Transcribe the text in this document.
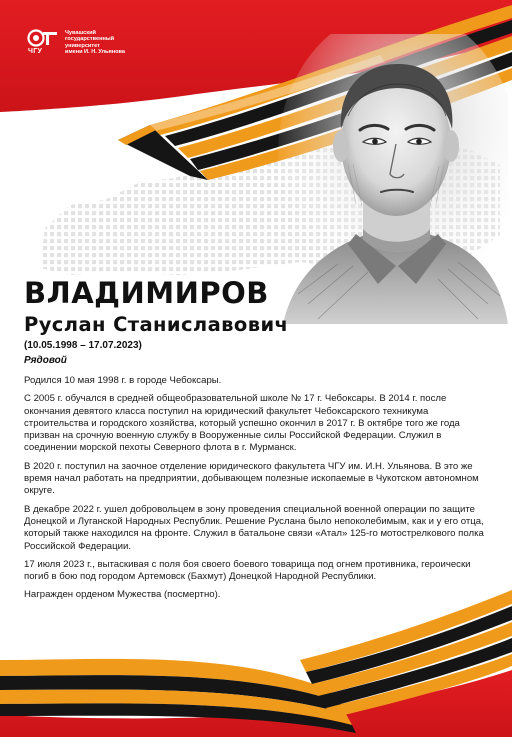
ЧГУ
Чувашский
государственный
университет
имени И. Н. Ульянова
ВЛАДИМИРОВ
Руслан Станиславович
(10.05.1998 – 17.07.2023)
Рядовой

Родился 10 мая 1998 г. в городе Чебоксары.

С 2005 г. обучался в средней общеобразовательной школе № 17 г. Чебоксары. В 2014 г. после окончания девятого класса поступил на юридический факультет Чебоксарского техникума строительства и городского хозяйства, который успешно окончил в 2017 г. В октябре того же года призван на срочную военную службу в Вооруженные силы Российской Федерации. Служил в соединении морской пехоты Северного флота в г. Мурманск.

В 2020 г. поступил на заочное отделение юридического факультета ЧГУ им. И.Н. Ульянова. В это же время начал работать на предприятии, добывающем полезные ископаемые в Чукотском автономном округе.

В декабре 2022 г. ушел добровольцем в зону проведения специальной военной операции по защите Донецкой и Луганской Народных Республик. Решение Руслана было непоколебимым, как и у его отца, который также находился на фронте. Служил в батальоне связи «Атал» 125-го мотострелкового полка Российской Федерации.

17 июля 2023 г., вытаскивая с поля боя своего боевого товарища под огнем противника, героически погиб в бою под городом Артемовск (Бахмут) Донецкой Народной Республики.

Награжден орденом Мужества (посмертно).
